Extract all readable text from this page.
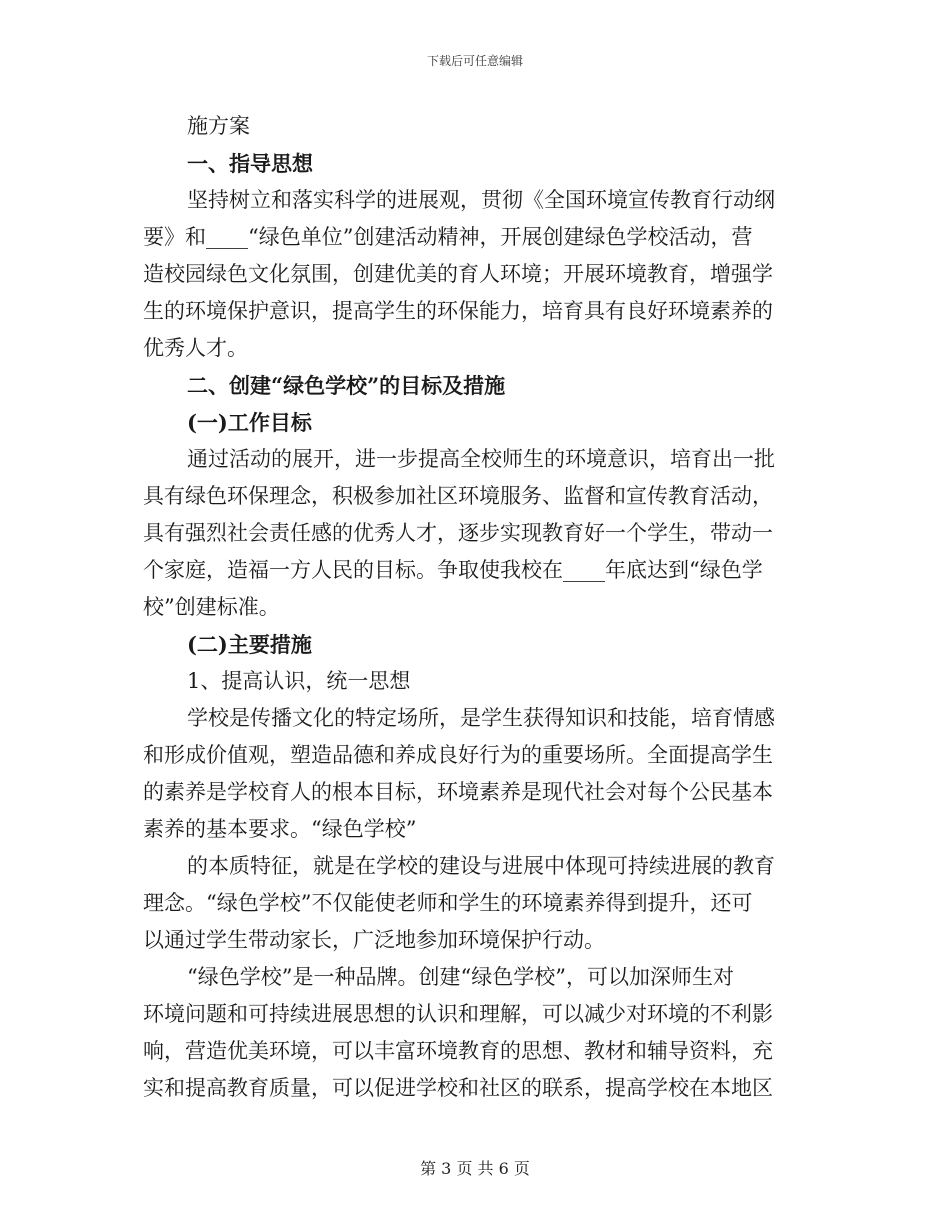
下载后可任意编辑

施方案

一、指导思想

坚持树立和落实科学的进展观，贯彻《全国环境宣传教育行动纲

要》和____“绿色单位”创建活动精神，开展创建绿色学校活动，营

造校园绿色文化氛围，创建优美的育人环境；开展环境教育，增强学

生的环境保护意识，提高学生的环保能力，培育具有良好环境素养的

优秀人才。

二、创建“绿色学校”的目标及措施

(一)工作目标

通过活动的展开，进一步提高全校师生的环境意识，培育出一批

具有绿色环保理念，积极参加社区环境服务、监督和宣传教育活动，

具有强烈社会责任感的优秀人才，逐步实现教育好一个学生，带动一

个家庭，造福一方人民的目标。争取使我校在____年底达到“绿色学

校”创建标准。

(二)主要措施

1、提高认识，统一思想

学校是传播文化的特定场所，是学生获得知识和技能，培育情感

和形成价值观，塑造品德和养成良好行为的重要场所。全面提高学生

的素养是学校育人的根本目标，环境素养是现代社会对每个公民基本

素养的基本要求。“绿色学校”

的本质特征，就是在学校的建设与进展中体现可持续进展的教育

理念。“绿色学校”不仅能使老师和学生的环境素养得到提升，还可

以通过学生带动家长，广泛地参加环境保护行动。

“绿色学校”是一种品牌。创建“绿色学校”，可以加深师生对

环境问题和可持续进展思想的认识和理解，可以减少对环境的不利影

响，营造优美环境，可以丰富环境教育的思想、教材和辅导资料，充

实和提高教育质量，可以促进学校和社区的联系，提高学校在本地区

第 3 页 共 6 页
